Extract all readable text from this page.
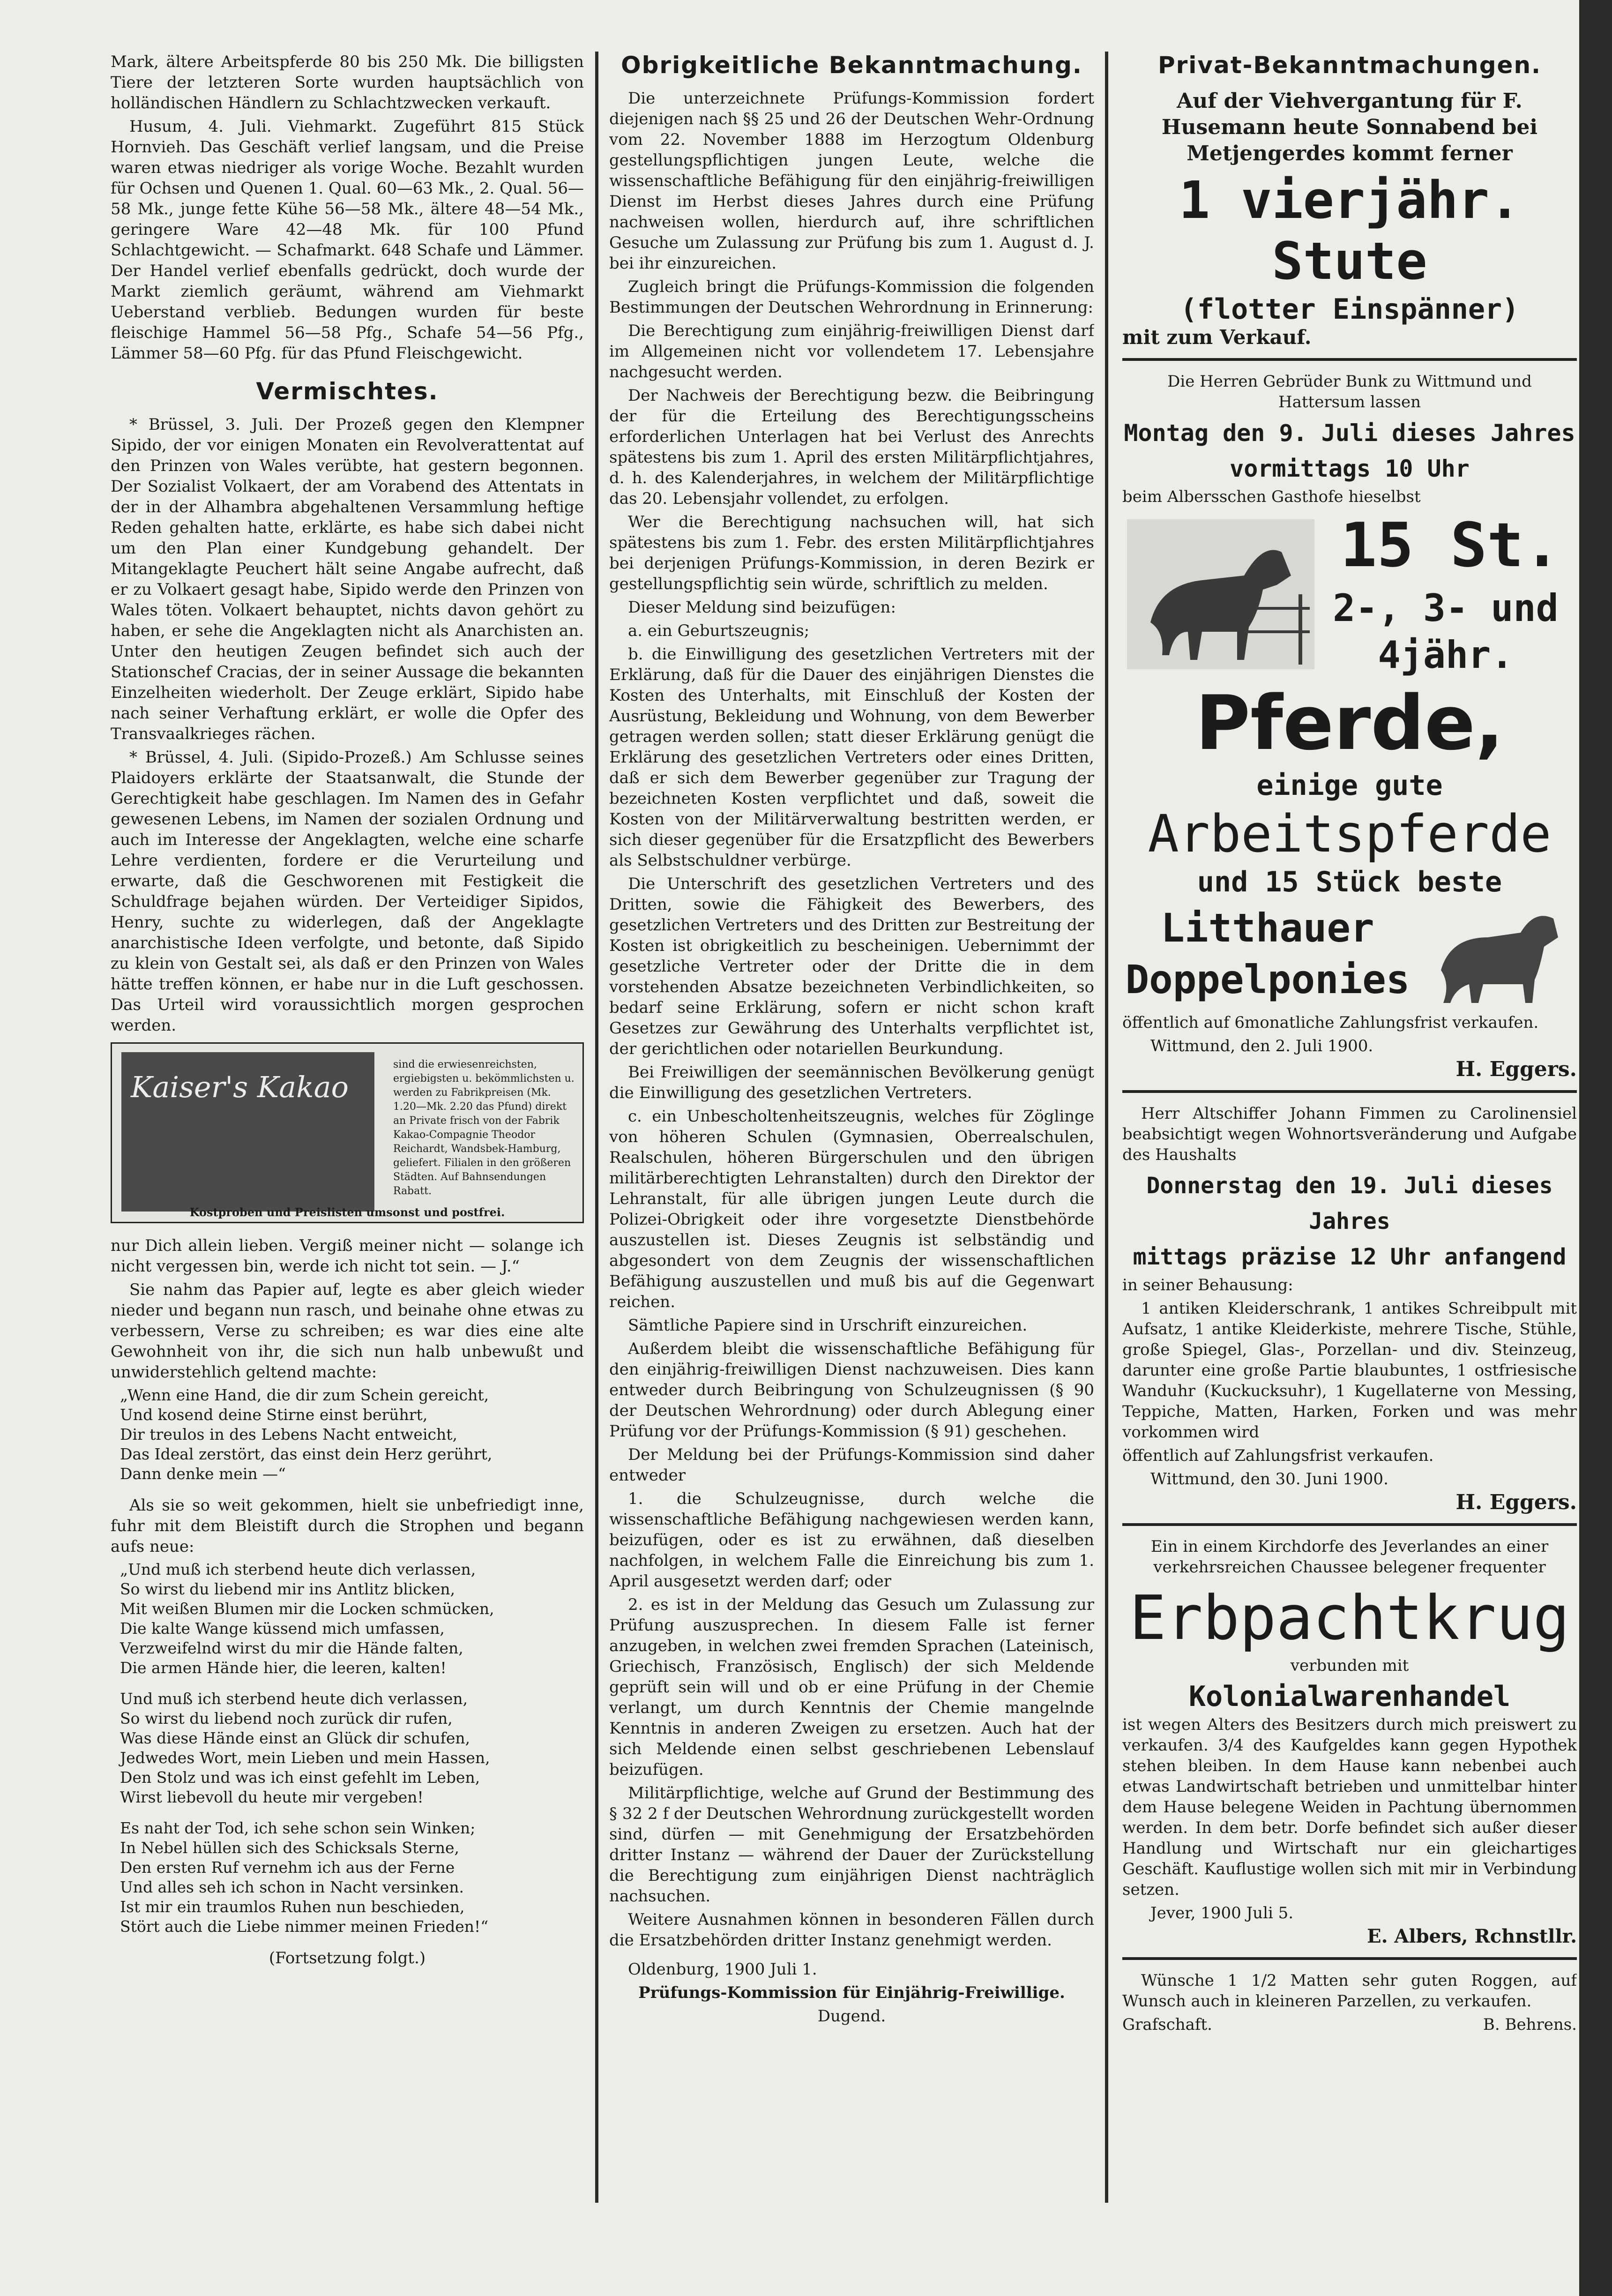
Mark, ältere Arbeitspferde 80 bis 250 Mk. Die billigsten Tiere der letzteren Sorte wurden hauptsächlich von holländischen Händlern zu Schlachtzwecken verkauft.

Husum, 4. Juli. Viehmarkt. Zugeführt 815 Stück Hornvieh. Das Geschäft verlief langsam, und die Preise waren etwas niedriger als vorige Woche. Bezahlt wurden für Ochsen und Quenen 1. Qual. 60—63 Mk., 2. Qual. 56—58 Mk., junge fette Kühe 56—58 Mk., ältere 48—54 Mk., geringere Ware 42—48 Mk. für 100 Pfund Schlachtgewicht. — Schafmarkt. 648 Schafe und Lämmer. Der Handel verlief ebenfalls gedrückt, doch wurde der Markt ziemlich geräumt, während am Viehmarkt Ueberstand verblieb. Bedungen wurden für beste fleischige Hammel 56—58 Pfg., Schafe 54—56 Pfg., Lämmer 58—60 Pfg. für das Pfund Fleischgewicht.

Vermischtes.

* Brüssel, 3. Juli. Der Prozeß gegen den Klempner Sipido, der vor einigen Monaten ein Revolverattentat auf den Prinzen von Wales verübte, hat gestern begonnen. Der Sozialist Volkaert, der am Vorabend des Attentats in der in der Alhambra abgehaltenen Versammlung heftige Reden gehalten hatte, erklärte, es habe sich dabei nicht um den Plan einer Kundgebung gehandelt. Der Mitangeklagte Peuchert hält seine Angabe aufrecht, daß er zu Volkaert gesagt habe, Sipido werde den Prinzen von Wales töten. Volkaert behauptet, nichts davon gehört zu haben, er sehe die Angeklagten nicht als Anarchisten an. Unter den heutigen Zeugen befindet sich auch der Stationschef Cracias, der in seiner Aussage die bekannten Einzelheiten wiederholt. Der Zeuge erklärt, Sipido habe nach seiner Verhaftung erklärt, er wolle die Opfer des Transvaalkrieges rächen.

* Brüssel, 4. Juli. (Sipido-Prozeß.) Am Schlusse seines Plaidoyers erklärte der Staatsanwalt, die Stunde der Gerechtigkeit habe geschlagen. Im Namen des in Gefahr gewesenen Lebens, im Namen der sozialen Ordnung und auch im Interesse der Angeklagten, welche eine scharfe Lehre verdienten, fordere er die Verurteilung und erwarte, daß die Geschworenen mit Festigkeit die Schuldfrage bejahen würden. Der Verteidiger Sipidos, Henry, suchte zu widerlegen, daß der Angeklagte anarchistische Ideen verfolgte, und betonte, daß Sipido zu klein von Gestalt sei, als daß er den Prinzen von Wales hätte treffen können, er habe nur in die Luft geschossen. Das Urteil wird voraussichtlich morgen gesprochen werden.

Kaiser's Kakao
sind die erwiesenreichsten, ergiebigsten u. bekömmlichsten u. werden zu Fabrikpreisen (Mk. 1.20—Mk. 2.20 das Pfund) direkt an Private frisch von der Fabrik Kakao-Compagnie Theodor Reichardt, Wandsbek-Hamburg, geliefert. Filialen in den größeren Städten. Auf Bahnsendungen Rabatt.
Kostproben und Preislisten umsonst und postfrei.

nur Dich allein lieben. Vergiß meiner nicht — solange ich nicht vergessen bin, werde ich nicht tot sein. — J.“

Sie nahm das Papier auf, legte es aber gleich wieder nieder und begann nun rasch, und beinahe ohne etwas zu verbessern, Verse zu schreiben; es war dies eine alte Gewohnheit von ihr, die sich nun halb unbewußt und unwiderstehlich geltend machte:

„Wenn eine Hand, die dir zum Schein gereicht,

Und kosend deine Stirne einst berührt,

Dir treulos in des Lebens Nacht entweicht,

Das Ideal zerstört, das einst dein Herz gerührt,

Dann denke mein —“

Als sie so weit gekommen, hielt sie unbefriedigt inne, fuhr mit dem Bleistift durch die Strophen und begann aufs neue:

„Und muß ich sterbend heute dich verlassen,

So wirst du liebend mir ins Antlitz blicken,

Mit weißen Blumen mir die Locken schmücken,

Die kalte Wange küssend mich umfassen,

Verzweifelnd wirst du mir die Hände falten,

Die armen Hände hier, die leeren, kalten!

Und muß ich sterbend heute dich verlassen,

So wirst du liebend noch zurück dir rufen,

Was diese Hände einst an Glück dir schufen,

Jedwedes Wort, mein Lieben und mein Hassen,

Den Stolz und was ich einst gefehlt im Leben,

Wirst liebevoll du heute mir vergeben!

Es naht der Tod, ich sehe schon sein Winken;

In Nebel hüllen sich des Schicksals Sterne,

Den ersten Ruf vernehm ich aus der Ferne

Und alles seh ich schon in Nacht versinken.

Ist mir ein traumlos Ruhen nun beschieden,

Stört auch die Liebe nimmer meinen Frieden!“

(Fortsetzung folgt.)

Obrigkeitliche Bekanntmachung.

Die unterzeichnete Prüfungs-Kommission fordert diejenigen nach §§ 25 und 26 der Deutschen Wehr-Ordnung vom 22. November 1888 im Herzogtum Oldenburg gestellungspflichtigen jungen Leute, welche die wissenschaftliche Befähigung für den einjährig-freiwilligen Dienst im Herbst dieses Jahres durch eine Prüfung nachweisen wollen, hierdurch auf, ihre schriftlichen Gesuche um Zulassung zur Prüfung bis zum 1. August d. J. bei ihr einzureichen.

Zugleich bringt die Prüfungs-Kommission die folgenden Bestimmungen der Deutschen Wehrordnung in Erinnerung:

Die Berechtigung zum einjährig-freiwilligen Dienst darf im Allgemeinen nicht vor vollendetem 17. Lebensjahre nachgesucht werden.

Der Nachweis der Berechtigung bezw. die Beibringung der für die Erteilung des Berechtigungsscheins erforderlichen Unterlagen hat bei Verlust des Anrechts spätestens bis zum 1. April des ersten Militärpflichtjahres, d. h. des Kalenderjahres, in welchem der Militärpflichtige das 20. Lebensjahr vollendet, zu erfolgen.

Wer die Berechtigung nachsuchen will, hat sich spätestens bis zum 1. Febr. des ersten Militärpflichtjahres bei derjenigen Prüfungs-Kommission, in deren Bezirk er gestellungspflichtig sein würde, schriftlich zu melden.

Dieser Meldung sind beizufügen:

a. ein Geburtszeugnis;

b. die Einwilligung des gesetzlichen Vertreters mit der Erklärung, daß für die Dauer des einjährigen Dienstes die Kosten des Unterhalts, mit Einschluß der Kosten der Ausrüstung, Bekleidung und Wohnung, von dem Bewerber getragen werden sollen; statt dieser Erklärung genügt die Erklärung des gesetzlichen Vertreters oder eines Dritten, daß er sich dem Bewerber gegenüber zur Tragung der bezeichneten Kosten verpflichtet und daß, soweit die Kosten von der Militärverwaltung bestritten werden, er sich dieser gegenüber für die Ersatzpflicht des Bewerbers als Selbstschuldner verbürge.

Die Unterschrift des gesetzlichen Vertreters und des Dritten, sowie die Fähigkeit des Bewerbers, des gesetzlichen Vertreters und des Dritten zur Bestreitung der Kosten ist obrigkeitlich zu bescheinigen. Uebernimmt der gesetzliche Vertreter oder der Dritte die in dem vorstehenden Absatze bezeichneten Verbindlichkeiten, so bedarf seine Erklärung, sofern er nicht schon kraft Gesetzes zur Gewährung des Unterhalts verpflichtet ist, der gerichtlichen oder notariellen Beurkundung.

Bei Freiwilligen der seemännischen Bevölkerung genügt die Einwilligung des gesetzlichen Vertreters.

c. ein Unbescholtenheitszeugnis, welches für Zöglinge von höheren Schulen (Gymnasien, Oberrealschulen, Realschulen, höheren Bürgerschulen und den übrigen militärberechtigten Lehranstalten) durch den Direktor der Lehranstalt, für alle übrigen jungen Leute durch die Polizei-Obrigkeit oder ihre vorgesetzte Dienstbehörde auszustellen ist. Dieses Zeugnis ist selbständig und abgesondert von dem Zeugnis der wissenschaftlichen Befähigung auszustellen und muß bis auf die Gegenwart reichen.

Sämtliche Papiere sind in Urschrift einzureichen.

Außerdem bleibt die wissenschaftliche Befähigung für den einjährig-freiwilligen Dienst nachzuweisen. Dies kann entweder durch Beibringung von Schulzeugnissen (§ 90 der Deutschen Wehrordnung) oder durch Ablegung einer Prüfung vor der Prüfungs-Kommission (§ 91) geschehen.

Der Meldung bei der Prüfungs-Kommission sind daher entweder

1. die Schulzeugnisse, durch welche die wissenschaftliche Befähigung nachgewiesen werden kann, beizufügen, oder es ist zu erwähnen, daß dieselben nachfolgen, in welchem Falle die Einreichung bis zum 1. April ausgesetzt werden darf; oder

2. es ist in der Meldung das Gesuch um Zulassung zur Prüfung auszusprechen. In diesem Falle ist ferner anzugeben, in welchen zwei fremden Sprachen (Lateinisch, Griechisch, Französisch, Englisch) der sich Meldende geprüft sein will und ob er eine Prüfung in der Chemie verlangt, um durch Kenntnis der Chemie mangelnde Kenntnis in anderen Zweigen zu ersetzen. Auch hat der sich Meldende einen selbst geschriebenen Lebenslauf beizufügen.

Militärpflichtige, welche auf Grund der Bestimmung des § 32 2 f der Deutschen Wehrordnung zurückgestellt worden sind, dürfen — mit Genehmigung der Ersatzbehörden dritter Instanz — während der Dauer der Zurückstellung die Berechtigung zum einjährigen Dienst nachträglich nachsuchen.

Weitere Ausnahmen können in besonderen Fällen durch die Ersatzbehörden dritter Instanz genehmigt werden.

Oldenburg, 1900 Juli 1.

Prüfungs-Kommission für Einjährig-Freiwillige.

Dugend.

Privat-Bekanntmachungen.

Auf der Viehvergantung für F. Husemann heute Sonnabend bei Metjengerdes kommt ferner

1 vierjähr. Stute
(flotter Einspänner)

mit zum Verkauf.

Die Herren Gebrüder Bunk zu Wittmund und Hattersum lassen

Montag den 9. Juli dieses Jahres
vormittags 10 Uhr

beim Albersschen Gasthofe hieselbst

15 St.
2-, 3- und 4jähr.
Pferde,
einige gute
Arbeitspferde
und 15 Stück beste
Litthauer
Doppelponies

öffentlich auf 6monatliche Zahlungsfrist verkaufen.

Wittmund, den 2. Juli 1900.

H. Eggers.

Herr Altschiffer Johann Fimmen zu Carolinensiel beabsichtigt wegen Wohnortsveränderung und Aufgabe des Haushalts

Donnerstag den 19. Juli dieses Jahres
mittags präzise 12 Uhr anfangend

in seiner Behausung:

1 antiken Kleiderschrank, 1 antikes Schreibpult mit Aufsatz, 1 antike Kleiderkiste, mehrere Tische, Stühle, große Spiegel, Glas-, Porzellan- und div. Steinzeug, darunter eine große Partie blaubuntes, 1 ostfriesische Wanduhr (Kuckucksuhr), 1 Kugellaterne von Messing, Teppiche, Matten, Harken, Forken und was mehr vorkommen wird

öffentlich auf Zahlungsfrist verkaufen.

Wittmund, den 30. Juni 1900.

H. Eggers.

Ein in einem Kirchdorfe des Jeverlandes an einer verkehrsreichen Chaussee belegener frequenter

Erbpachtkrug

verbunden mit

Kolonialwarenhandel

ist wegen Alters des Besitzers durch mich preiswert zu verkaufen. 3/4 des Kaufgeldes kann gegen Hypothek stehen bleiben. In dem Hause kann nebenbei auch etwas Landwirtschaft betrieben und unmittelbar hinter dem Hause belegene Weiden in Pachtung übernommen werden. In dem betr. Dorfe befindet sich außer dieser Handlung und Wirtschaft nur ein gleichartiges Geschäft. Kauflustige wollen sich mit mir in Verbindung setzen.

Jever, 1900 Juli 5.

E. Albers, Rchnstllr.

Wünsche 1 1/2 Matten sehr guten Roggen, auf Wunsch auch in kleineren Parzellen, zu verkaufen.

Grafschaft.	B. Behrens.
